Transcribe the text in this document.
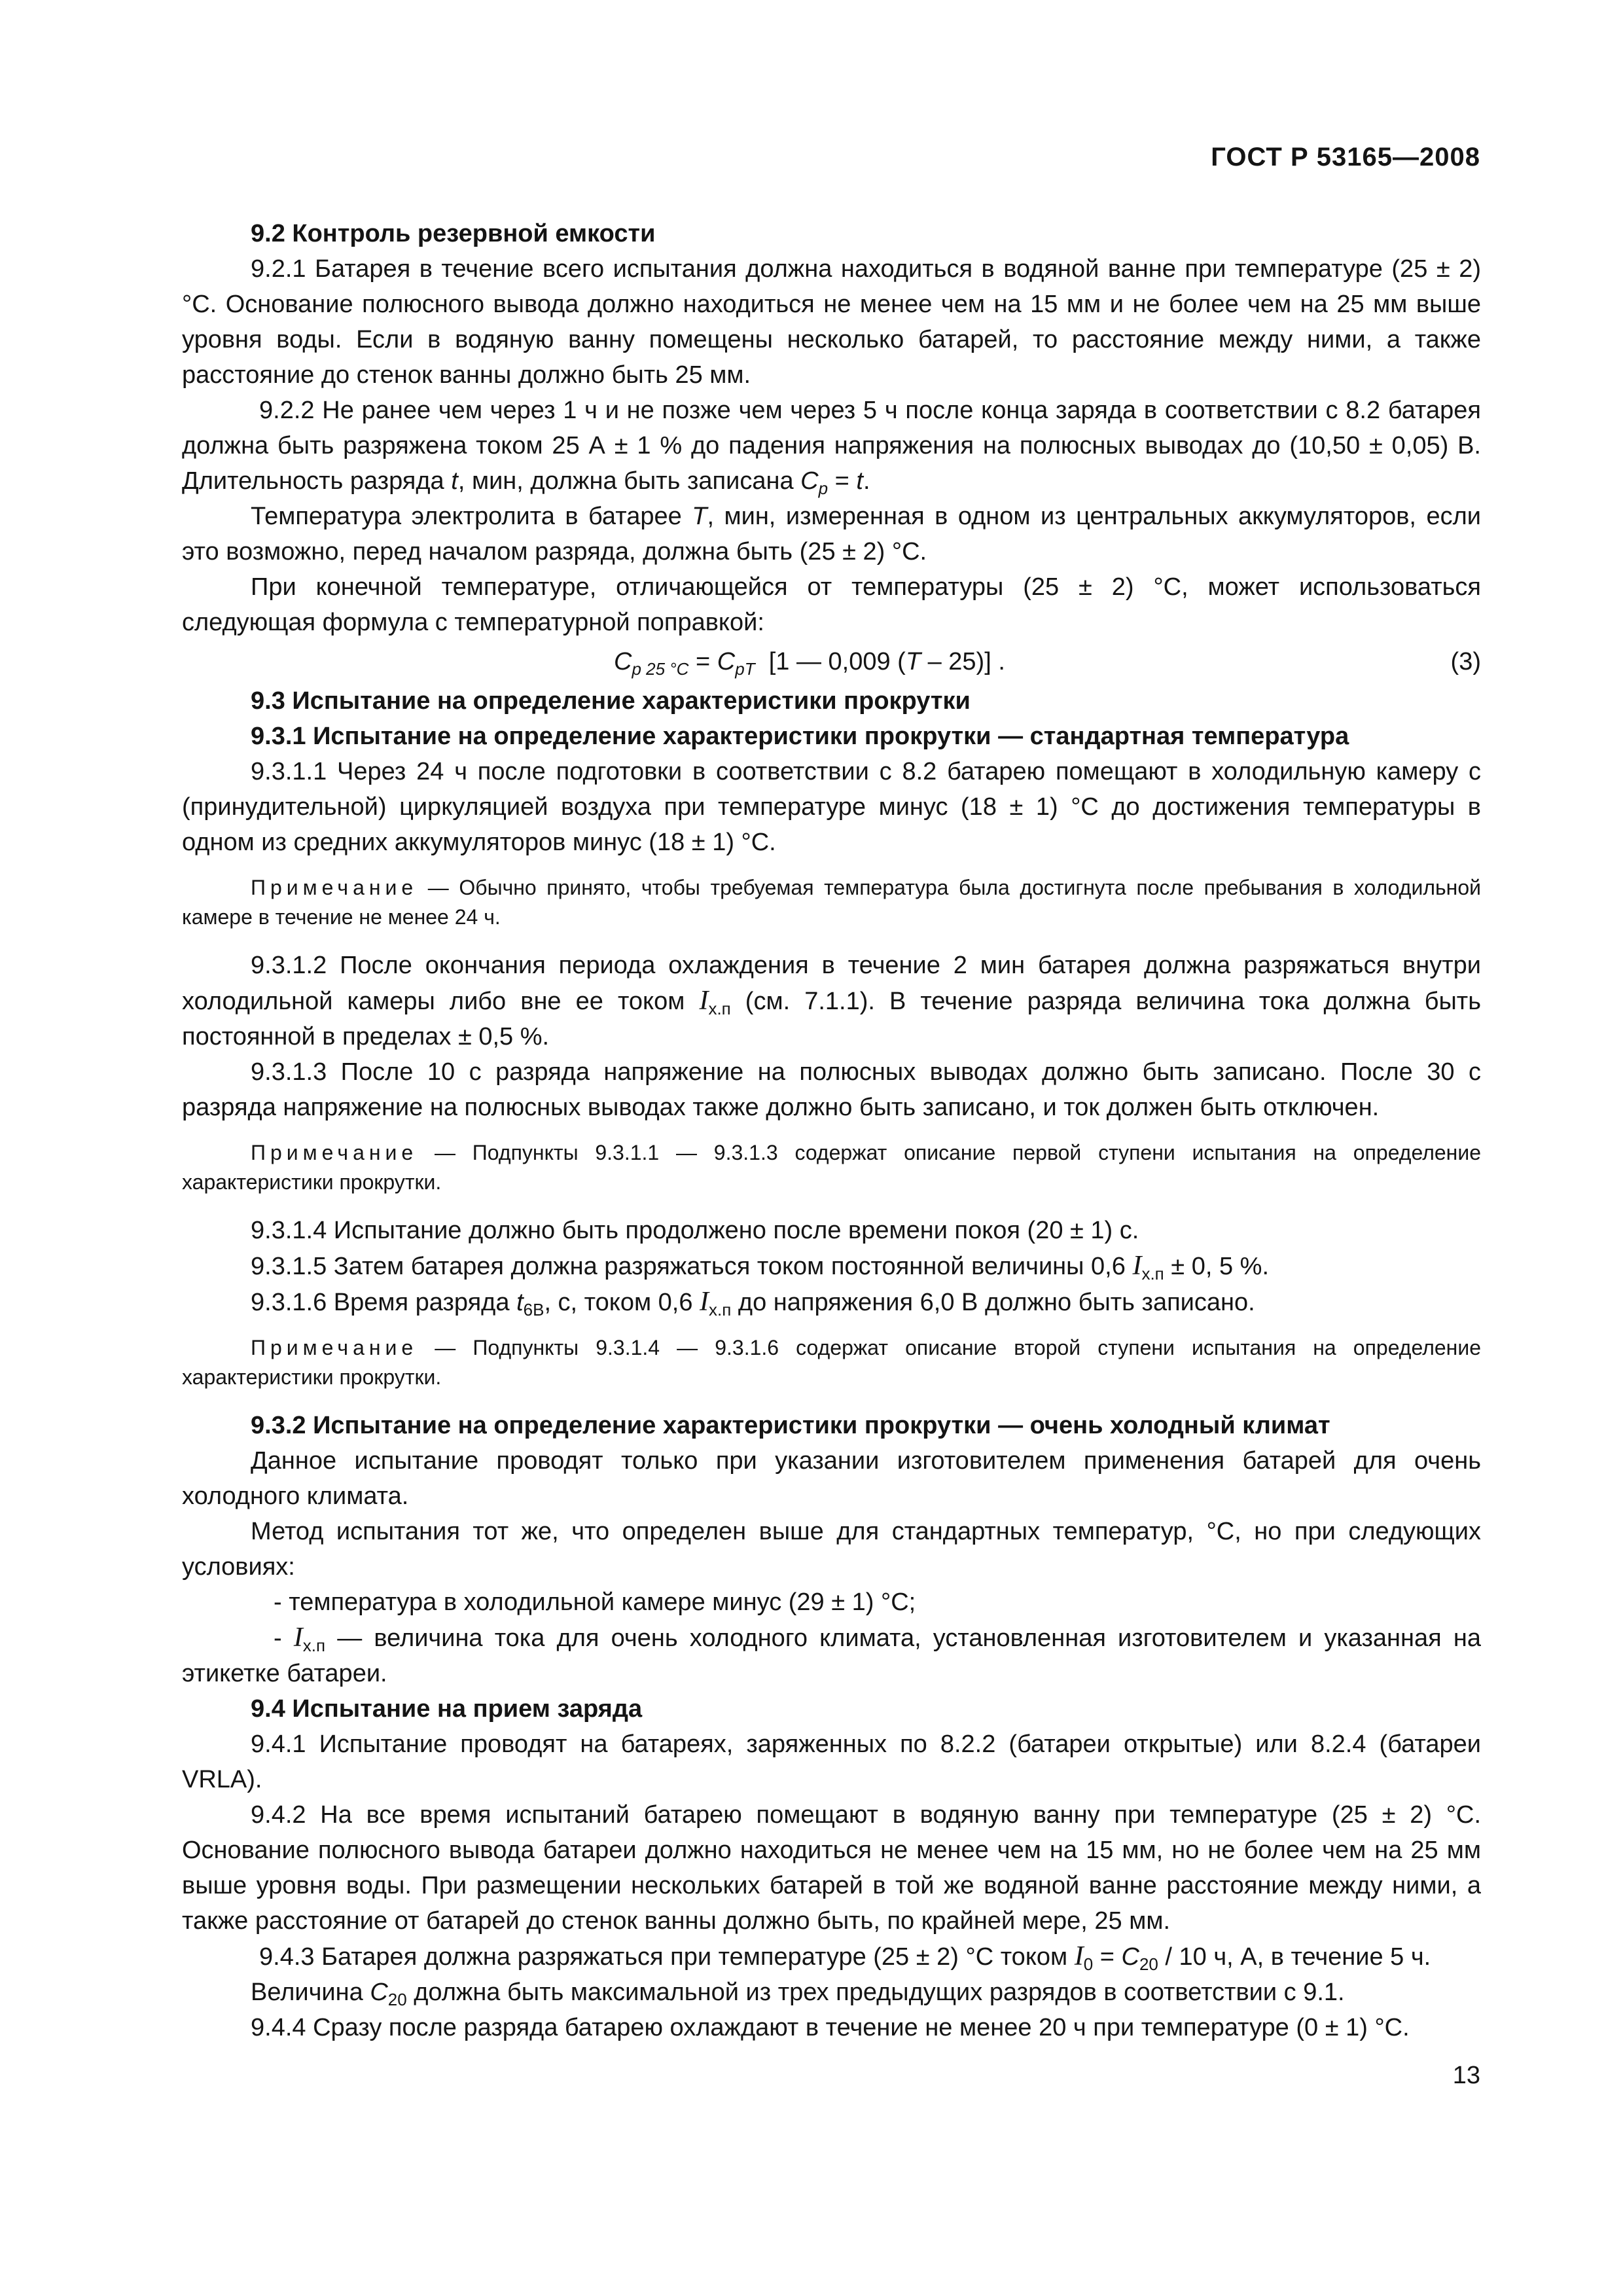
ГОСТ Р 53165—2008
9.2 Контроль резервной емкости

9.2.1 Батарея в течение всего испытания должна находиться в водяной ванне при температуре (25 ± 2) °С. Основание полюсного вывода должно находиться не менее чем на 15 мм и не более чем на 25 мм выше уровня воды. Если в водяную ванну помещены несколько батарей, то расстояние между ними, а также расстояние до стенок ванны должно быть 25 мм.

9.2.2 Не ранее чем через 1 ч и не позже чем через 5 ч после конца заряда в соответствии с 8.2 батарея должна быть разряжена током 25 А ± 1 % до падения напряжения на полюсных выводах до (10,50 ± 0,05) В. Длительность разряда t, мин, должна быть записана $C_p = t$.

Температура электролита в батарее T, мин, измеренная в одном из центральных аккумуляторов, если это возможно, перед началом разряда, должна быть (25 ± 2) °С.

При конечной температуре, отличающейся от температуры (25 ± 2) °С, может использоваться следующая формула с температурной поправкой:

$C_{p 25 ^\circ С} = C_{pT}$  [1 — 0,009 (T – 25)] .	(3)
9.3 Испытание на определение характеристики прокрутки
9.3.1 Испытание на определение характеристики прокрутки — стандартная температура

9.3.1.1 Через 24 ч после подготовки в соответствии с 8.2 батарею помещают в холодильную камеру с (принудительной) циркуляцией воздуха при температуре минус (18 ± 1) °С до достижения температуры в одном из средних аккумуляторов минус (18 ± 1) °С.

Примечание — Обычно принято, чтобы требуемая температура была достигнута после пребывания в холодильной камере в течение не менее 24 ч.

9.3.1.2 После окончания периода охлаждения в течение 2 мин батарея должна разряжаться внутри холодильной камеры либо вне ее током $I_{х.п}$ (см. 7.1.1). В течение разряда величина тока должна быть постоянной в пределах ± 0,5 %.

9.3.1.3 После 10 с разряда напряжение на полюсных выводах должно быть записано. После 30 с разряда напряжение на полюсных выводах также должно быть записано, и ток должен быть отключен.

Примечание — Подпункты 9.3.1.1 — 9.3.1.3 содержат описание первой ступени испытания на определение характеристики прокрутки.

9.3.1.4 Испытание должно быть продолжено после времени покоя (20 ± 1) с.

9.3.1.5 Затем батарея должна разряжаться током постоянной величины 0,6 $I_{х.п} \pm 0$, 5 %.

9.3.1.6 Время разряда $t_{6В}$, с, током 0,6 $I_{х.п}$ до напряжения 6,0 В должно быть записано.

Примечание — Подпункты 9.3.1.4 — 9.3.1.6 содержат описание второй ступени испытания на определение характеристики прокрутки.

9.3.2 Испытание на определение характеристики прокрутки — очень холодный климат

Данное испытание проводят только при указании изготовителем применения батарей для очень холодного климата.

Метод испытания тот же, что определен выше для стандартных температур, °С, но при следующих условиях:

- температура в холодильной камере минус (29 ± 1) °С;

- $I_{х.п}$ — величина тока для очень холодного климата, установленная изготовителем и указанная на этикетке батареи.

9.4 Испытание на прием заряда

9.4.1 Испытание проводят на батареях, заряженных по 8.2.2 (батареи открытые) или 8.2.4 (батареи VRLA).

9.4.2 На все время испытаний батарею помещают в водяную ванну при температуре (25 ± 2) °С. Основание полюсного вывода батареи должно находиться не менее чем на 15 мм, но не более чем на 25 мм выше уровня воды. При размещении нескольких батарей в той же водяной ванне расстояние между ними, а также расстояние от батарей до стенок ванны должно быть, по крайней мере, 25 мм.

9.4.3 Батарея должна разряжаться при температуре (25 ± 2) °С током $I_0 = C_{20} / 10$ ч, А, в течение 5 ч.

Величина $C_{20}$ должна быть максимальной из трех предыдущих разрядов в соответствии с 9.1.

9.4.4 Сразу после разряда батарею охлаждают в течение не менее 20 ч при температуре (0 ± 1) °С.

13
